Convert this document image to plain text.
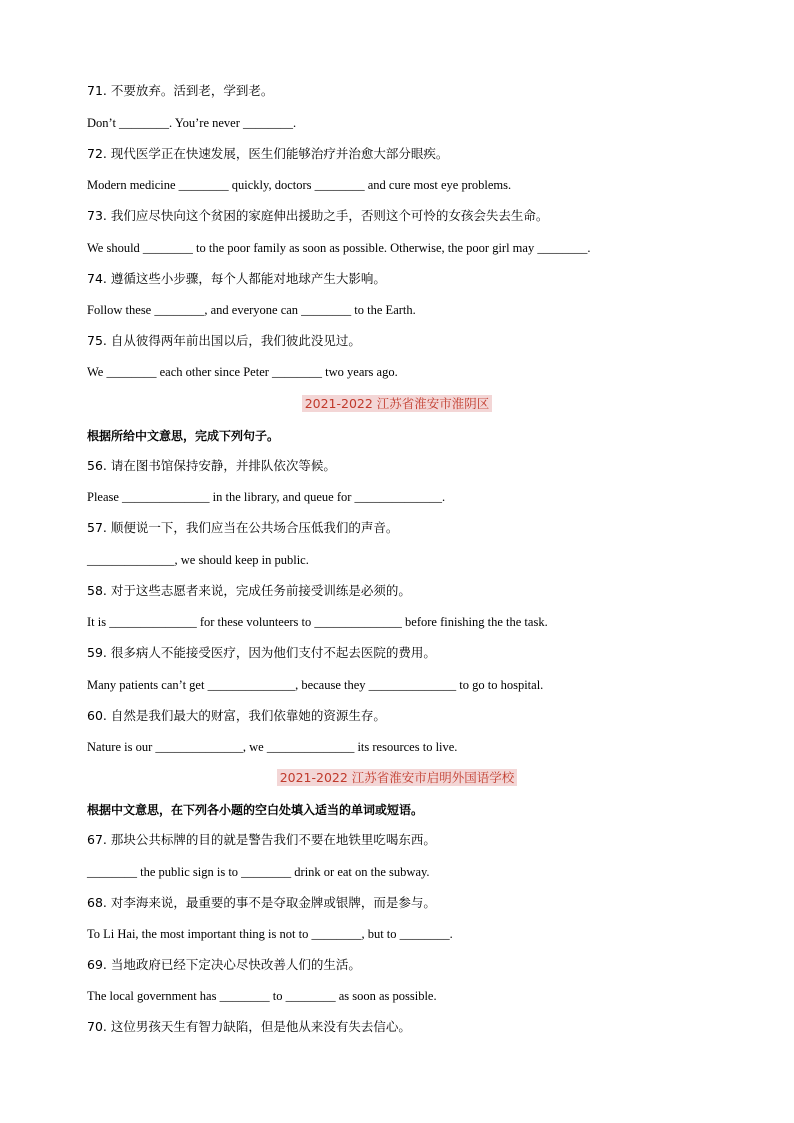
71. 不要放弃。活到老，学到老。
Don’t ________. You’re never ________.
72. 现代医学正在快速发展，医生们能够治疗并治愈大部分眼疾。
Modern medicine ________ quickly, doctors ________ and cure most eye problems.
73. 我们应尽快向这个贫困的家庭伸出援助之手，否则这个可怜的女孩会失去生命。
We should ________ to the poor family as soon as possible. Otherwise, the poor girl may ________.
74. 遵循这些小步骤，每个人都能对地球产生大影响。
Follow these ________, and everyone can ________ to the Earth.
75. 自从彼得两年前出国以后，我们彼此没见过。
We ________ each other since Peter ________ two years ago.
2021-2022 江苏省淮安市淮阴区
根据所给中文意思，完成下列句子。
56. 请在图书馆保持安静，并排队依次等候。
Please ______________ in the library, and queue for ______________.
57. 顺便说一下，我们应当在公共场合压低我们的声音。
______________, we should keep in public.
58. 对于这些志愿者来说，完成任务前接受训练是必须的。
It is ______________ for these volunteers to ______________ before finishing the the task.
59. 很多病人不能接受医疗，因为他们支付不起去医院的费用。
Many patients can’t get ______________, because they ______________ to go to hospital.
60. 自然是我们最大的财富，我们依靠她的资源生存。
Nature is our ______________, we ______________ its resources to live.
2021-2022 江苏省淮安市启明外国语学校
根据中文意思，在下列各小题的空白处填入适当的单词或短语。
67. 那块公共标牌的目的就是警告我们不要在地铁里吃喝东西。
________ the public sign is to ________ drink or eat on the subway.
68. 对李海来说，最重要的事不是夺取金牌或银牌，而是参与。
To Li Hai, the most important thing is not to ________, but to ________.
69. 当地政府已经下定决心尽快改善人们的生活。
The local government has ________ to ________ as soon as possible.
70. 这位男孩天生有智力缺陷，但是他从来没有失去信心。
